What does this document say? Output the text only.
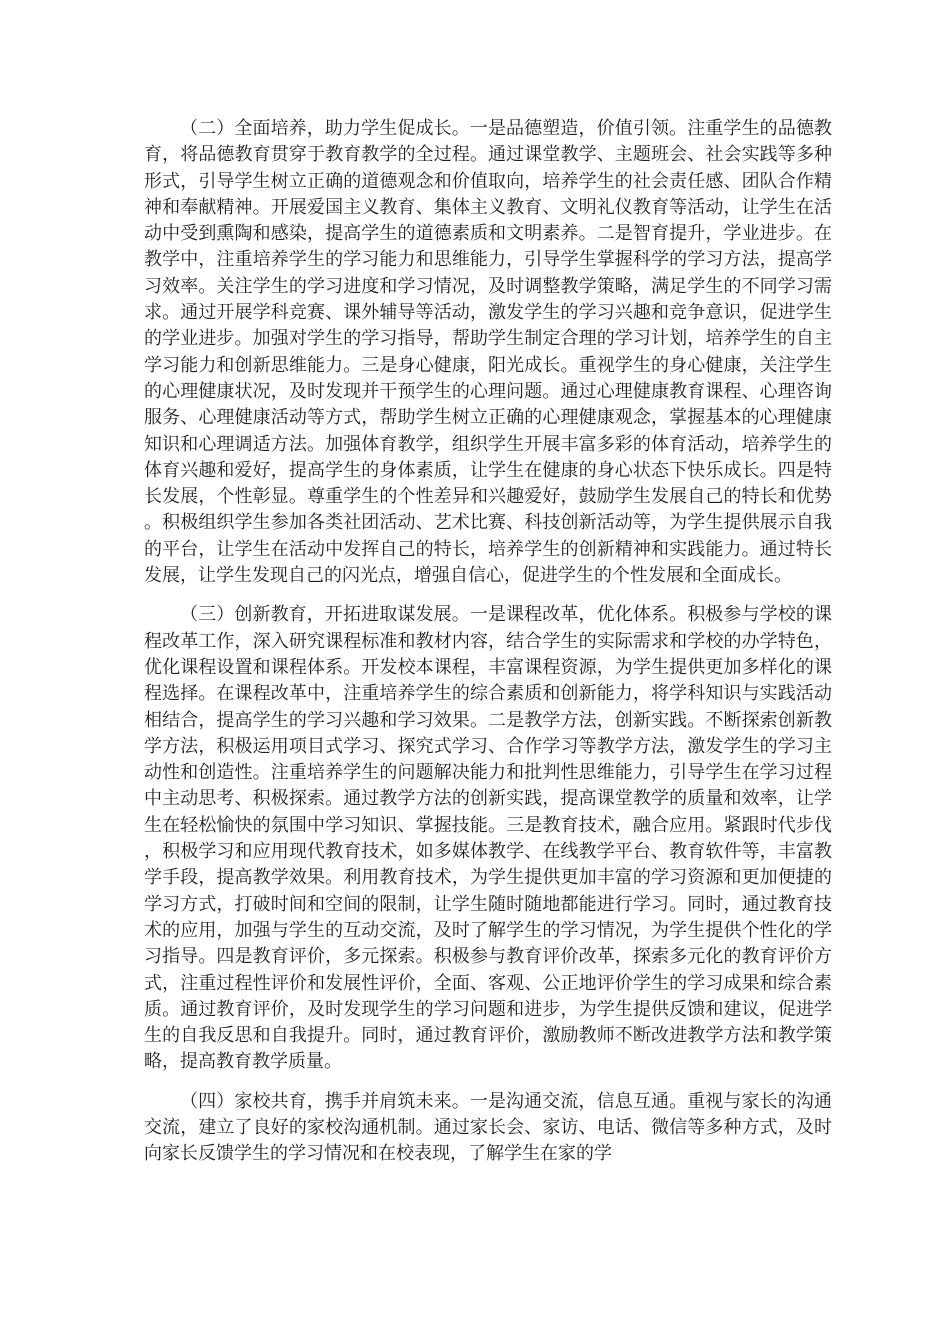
（二）全面培养，助力学生促成长。一是品德塑造，价值引领。注重学生的品德教育，将品德教育贯穿于教育教学的全过程。通过课堂教学、主题班会、社会实践等多种形式，引导学生树立正确的道德观念和价值取向，培养学生的社会责任感、团队合作精神和奉献精神。开展爱国主义教育、集体主义教育、文明礼仪教育等活动，让学生在活动中受到熏陶和感染，提高学生的道德素质和文明素养。二是智育提升，学业进步。在教学中，注重培养学生的学习能力和思维能力，引导学生掌握科学的学习方法，提高学习效率。关注学生的学习进度和学习情况，及时调整教学策略，满足学生的不同学习需求。通过开展学科竞赛、课外辅导等活动，激发学生的学习兴趣和竞争意识，促进学生的学业进步。加强对学生的学习指导，帮助学生制定合理的学习计划，培养学生的自主学习能力和创新思维能力。三是身心健康，阳光成长。重视学生的身心健康，关注学生的心理健康状况，及时发现并干预学生的心理问题。通过心理健康教育课程、心理咨询服务、心理健康活动等方式，帮助学生树立正确的心理健康观念，掌握基本的心理健康知识和心理调适方法。加强体育教学，组织学生开展丰富多彩的体育活动，培养学生的体育兴趣和爱好，提高学生的身体素质，让学生在健康的身心状态下快乐成长。四是特长发展，个性彰显。尊重学生的个性差异和兴趣爱好，鼓励学生发展自己的特长和优势。积极组织学生参加各类社团活动、艺术比赛、科技创新活动等，为学生提供展示自我的平台，让学生在活动中发挥自己的特长，培养学生的创新精神和实践能力。通过特长发展，让学生发现自己的闪光点，增强自信心，促进学生的个性发展和全面成长。

（三）创新教育，开拓进取谋发展。一是课程改革，优化体系。积极参与学校的课程改革工作，深入研究课程标准和教材内容，结合学生的实际需求和学校的办学特色，优化课程设置和课程体系。开发校本课程，丰富课程资源，为学生提供更加多样化的课程选择。在课程改革中，注重培养学生的综合素质和创新能力，将学科知识与实践活动相结合，提高学生的学习兴趣和学习效果。二是教学方法，创新实践。不断探索创新教学方法，积极运用项目式学习、探究式学习、合作学习等教学方法，激发学生的学习主动性和创造性。注重培养学生的问题解决能力和批判性思维能力，引导学生在学习过程中主动思考、积极探索。通过教学方法的创新实践，提高课堂教学的质量和效率，让学生在轻松愉快的氛围中学习知识、掌握技能。三是教育技术，融合应用。紧跟时代步伐，积极学习和应用现代教育技术，如多媒体教学、在线教学平台、教育软件等，丰富教学手段，提高教学效果。利用教育技术，为学生提供更加丰富的学习资源和更加便捷的学习方式，打破时间和空间的限制，让学生随时随地都能进行学习。同时，通过教育技术的应用，加强与学生的互动交流，及时了解学生的学习情况，为学生提供个性化的学习指导。四是教育评价，多元探索。积极参与教育评价改革，探索多元化的教育评价方式，注重过程性评价和发展性评价，全面、客观、公正地评价学生的学习成果和综合素质。通过教育评价，及时发现学生的学习问题和进步，为学生提供反馈和建议，促进学生的自我反思和自我提升。同时，通过教育评价，激励教师不断改进教学方法和教学策略，提高教育教学质量。

（四）家校共育，携手并肩筑未来。一是沟通交流，信息互通。重视与家长的沟通交流，建立了良好的家校沟通机制。通过家长会、家访、电话、微信等多种方式，及时向家长反馈学生的学习情况和在校表现，了解学生在家的学
